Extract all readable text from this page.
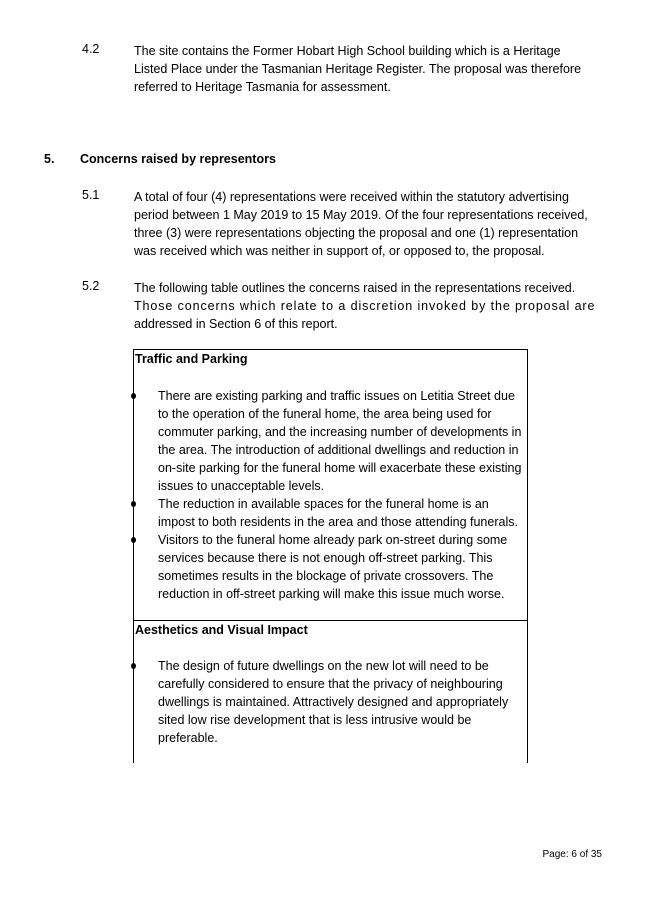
4.2	The site contains the Former Hobart High School building which is a Heritage
Listed Place under the Tasmanian Heritage Register. The proposal was therefore
referred to Heritage Tasmania for assessment.
5. Concerns raised by representors
5.1	A total of four (4) representations were received within the statutory advertising
period between 1 May 2019 to 15 May 2019. Of the four representations received,
three (3) were representations objecting the proposal and one (1) representation
was received which was neither in support of, or opposed to, the proposal.
5.2	The following table outlines the concerns raised in the representations received.
Those concerns which relate to a discretion invoked by the proposal are
addressed in Section 6 of this report.
Traffic and Parking
There are existing parking and traffic issues on Letitia Street due to the operation of the funeral home, the area being used for commuter parking, and the increasing number of developments in the area. The introduction of additional dwellings and reduction in on-site parking for the funeral home will exacerbate these existing issues to unacceptable levels.
The reduction in available spaces for the funeral home is an impost to both residents in the area and those attending funerals.
Visitors to the funeral home already park on-street during some services because there is not enough off-street parking. This sometimes results in the blockage of private crossovers. The reduction in off-street parking will make this issue much worse.
Aesthetics and Visual Impact
The design of future dwellings on the new lot will need to be carefully considered to ensure that the privacy of neighbouring dwellings is maintained. Attractively designed and appropriately sited low rise development that is less intrusive would be preferable.
Page: 6 of 35
